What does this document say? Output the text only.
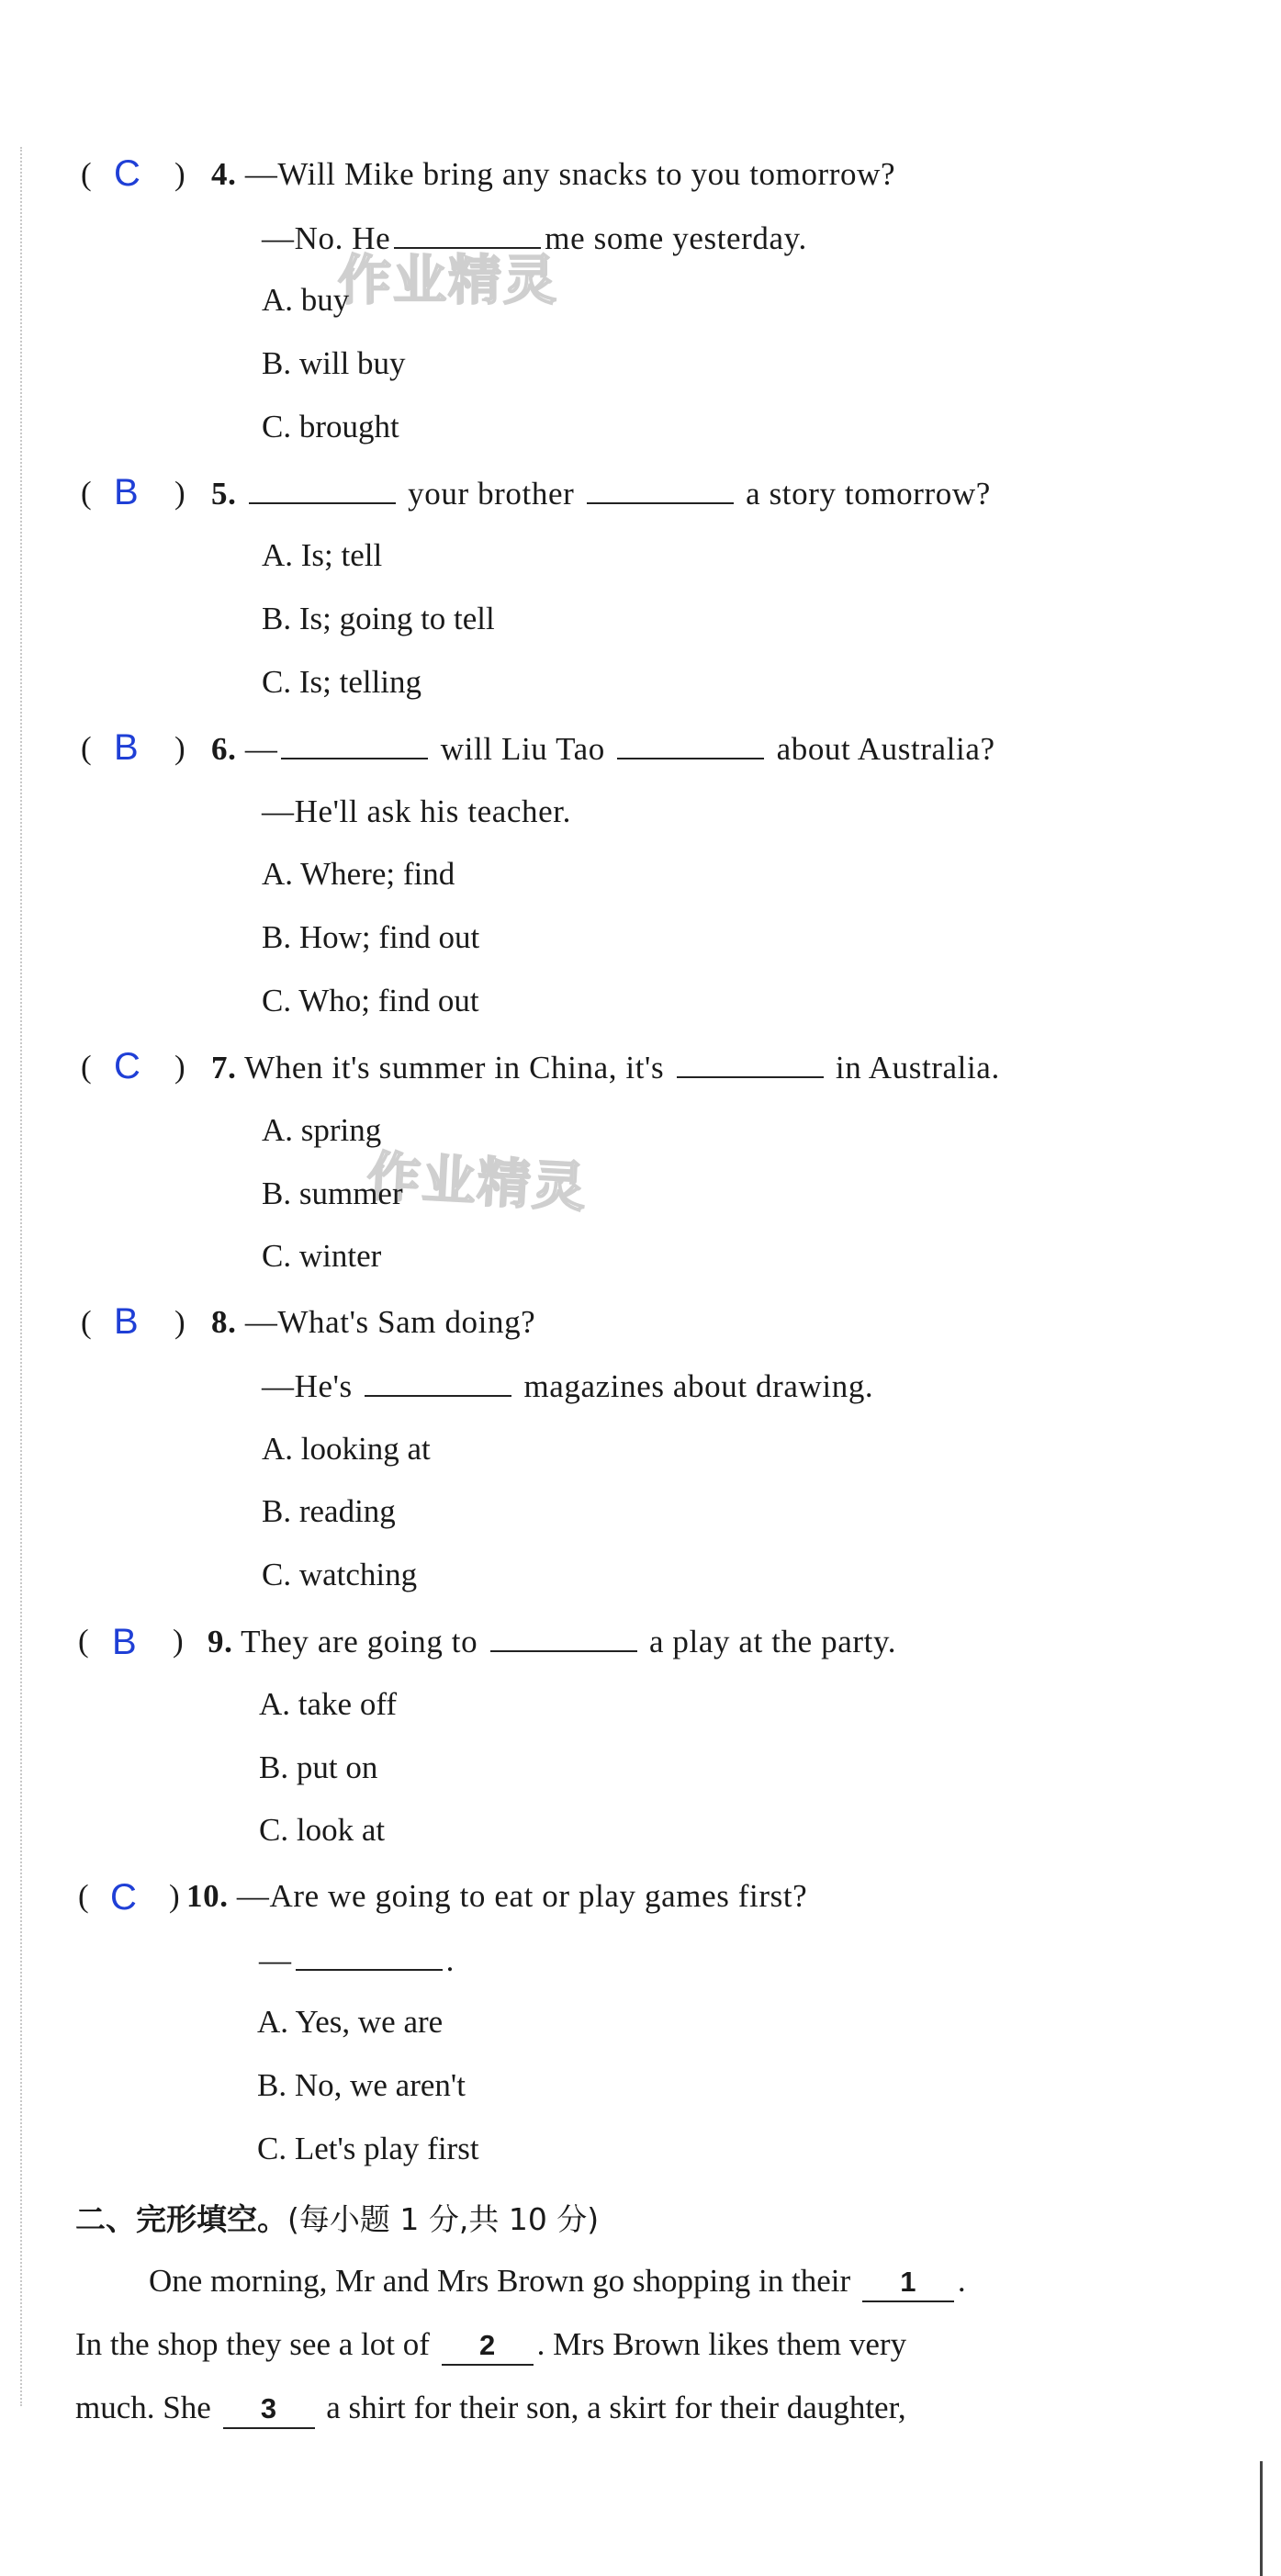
作业精灵
作业精灵
( C ) 4. —Will Mike bring any snacks to you tomorrow?
—No. He	me some yesterday.
A. buy
B. will buy
C. brought
( B ) 5.	your brother	a story tomorrow?
A. Is; tell
B. Is; going to tell
C. Is; telling
( B ) 6. —	will Liu Tao	about Australia?
—He'll ask his teacher.
A. Where; find
B. How; find out
C. Who; find out
( C ) 7. When it's summer in China, it's	in Australia.
A. spring
B. summer
C. winter
( B ) 8. —What's Sam doing?
—He's	magazines about drawing.
A. looking at
B. reading
C. watching
( B ) 9. They are going to	a play at the party.
A. take off
B. put on
C. look at
( C ) 10. —Are we going to eat or play games first?
—	.
A. Yes, we are
B. No, we aren't
C. Let's play first
二、完形填空。(每小题 1 分,共 10 分)
One morning, Mr and Mrs Brown go shopping in their 1 .
In the shop they see a lot of 2 . Mrs Brown likes them very
much. She 3 a shirt for their son, a skirt for their daughter,
